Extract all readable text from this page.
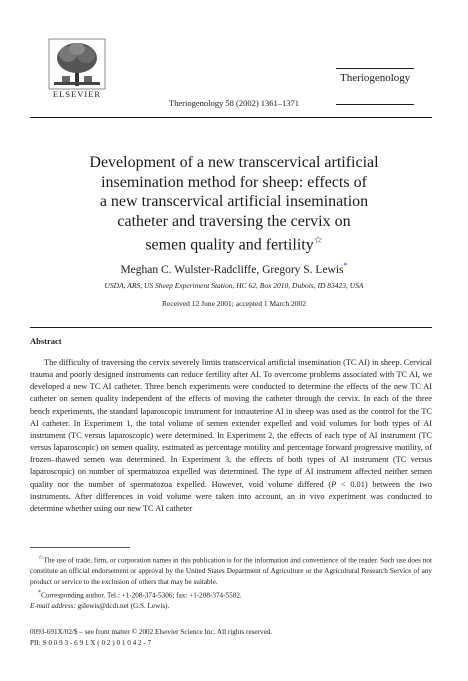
ELSEVIER
Theriogenology 58 (2002) 1361–1371
Theriogenology
Development of a new transcervical artificial
insemination method for sheep: effects of
a new transcervical artificial insemination
catheter and traversing the cervix on
semen quality and fertility☆
Meghan C. Wulster-Radcliffe, Gregory S. Lewis*
USDA, ARS, US Sheep Experiment Station, HC 62, Box 2010, Dubois, ID 83423, USA
Received 12 June 2001; accepted 1 March 2002
Abstract
The difficulty of traversing the cervix severely limits transcervical artificial insemination (TC AI) in sheep. Cervical trauma and poorly designed instruments can reduce fertility after AI. To overcome problems associated with TC AI, we developed a new TC AI catheter. Three bench experiments were conducted to determine the effects of the new TC AI catheter on semen quality independent of the effects of moving the catheter through the cervix. In each of the three bench experiments, the standard laparoscopic instrument for intrauterine AI in sheep was used as the control for the TC AI catheter. In Experiment 1, the total volume of semen extender expelled and void volumes for both types of AI instrument (TC versus laparoscopic) were determined. In Experiment 2, the effects of each type of AI instrument (TC versus laparoscopic) on semen quality, estimated as percentage motility and percentage forward progressive motility, of frozen–thawed semen was determined. In Experiment 3, the effects of both types of AI instrument (TC versus laparoscopic) on number of spermatozoa expelled was determined. The type of AI instrument affected neither semen quality nor the number of spermatozoa expelled. However, void volume differed (P < 0.01) between the two instruments. After differences in void volume were taken into account, an in vivo experiment was conducted to determine whether using our new TC AI catheter

☆The use of trade, firm, or corporation names in this publication is for the information and convenience of the reader. Such use does not constitute an official endorsement or approval by the United States Department of Agriculture or the Agricultural Research Service of any product or service to the exclusion of others that may be suitable.

*Corresponding author. Tel.: +1-208-374-5306; fax: +1-208-374-5582.

E-mail address: gslewis@dcdi.net (G.S. Lewis).

0093-691X/02/$ – see front matter © 2002 Elsevier Science Inc. All rights reserved.
PII: S 0 0 9 3 - 6 9 1 X ( 0 2 ) 0 1 0 4 2 - 7
